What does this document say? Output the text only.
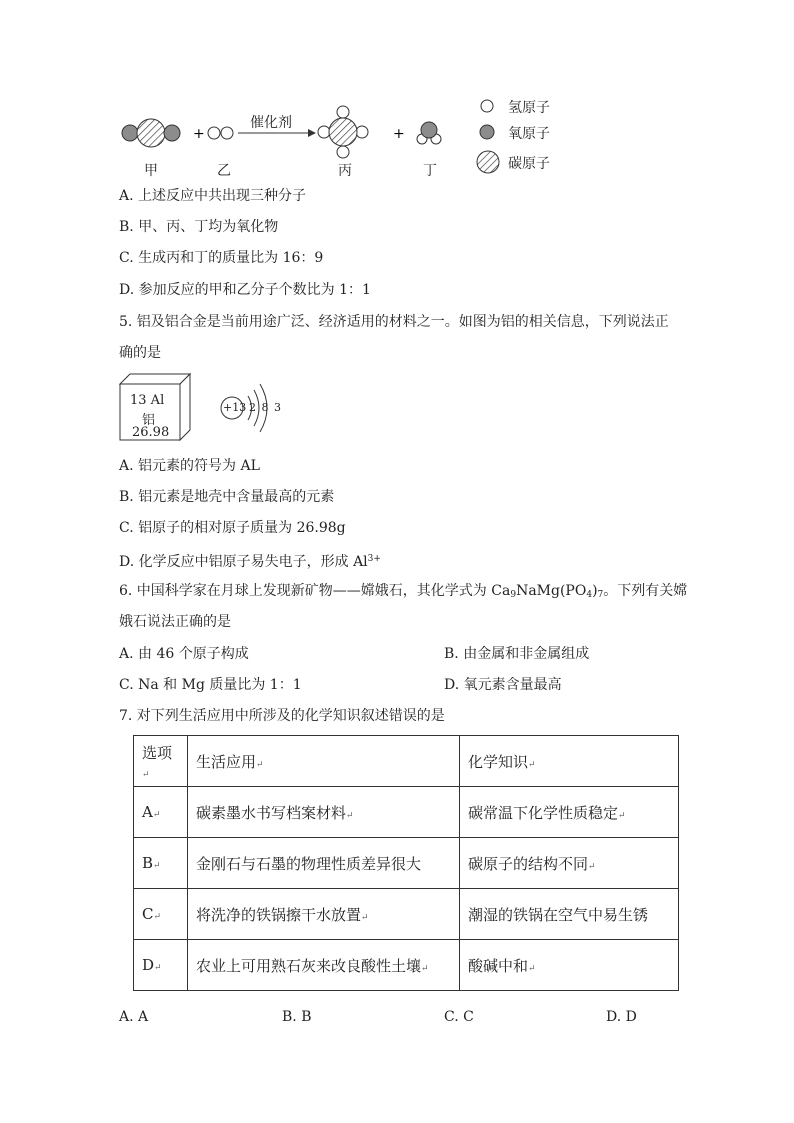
+	+
催化剂
甲	乙	丙	丁
氢原子
氧原子
碳原子
A. 上述反应中共出现三种分子
B. 甲、丙、丁均为氧化物
C. 生成丙和丁的质量比为 16：9
D. 参加反应的甲和乙分子个数比为 1：1
5. 铝及铝合金是当前用途广泛、经济适用的材料之一。如图为铝的相关信息，下列说法正
确的是
13 Al
铝
26.98
+13 2 8 3
A. 铝元素的符号为 AL
B. 铝元素是地壳中含量最高的元素
C. 铝原子的相对原子质量为 26.98g
D. 化学反应中铝原子易失电子，形成 $Al^{3+}$
6. 中国科学家在月球上发现新矿物——嫦娥石，其化学式为 $Ca_9NaMg(PO_4)_7$。下列有关嫦
娥石说法正确的是
A. 由 46 个原子构成	B. 由金属和非金属组成
C. Na 和 Mg 质量比为 1：1	D. 氧元素含量最高
7. 对下列生活应用中所涉及的化学知识叙述错误的是
选项↵	生活应用↵	化学知识↵
A↵	碳素墨水书写档案材料↵	碳常温下化学性质稳定↵
B↵	金刚石与石墨的物理性质差异很大	碳原子的结构不同↵
C↵	将洗净的铁锅擦干水放置↵	潮湿的铁锅在空气中易生锈
D↵	农业上可用熟石灰来改良酸性土壤↵	酸碱中和↵
A. A	B. B	C. C	D. D
